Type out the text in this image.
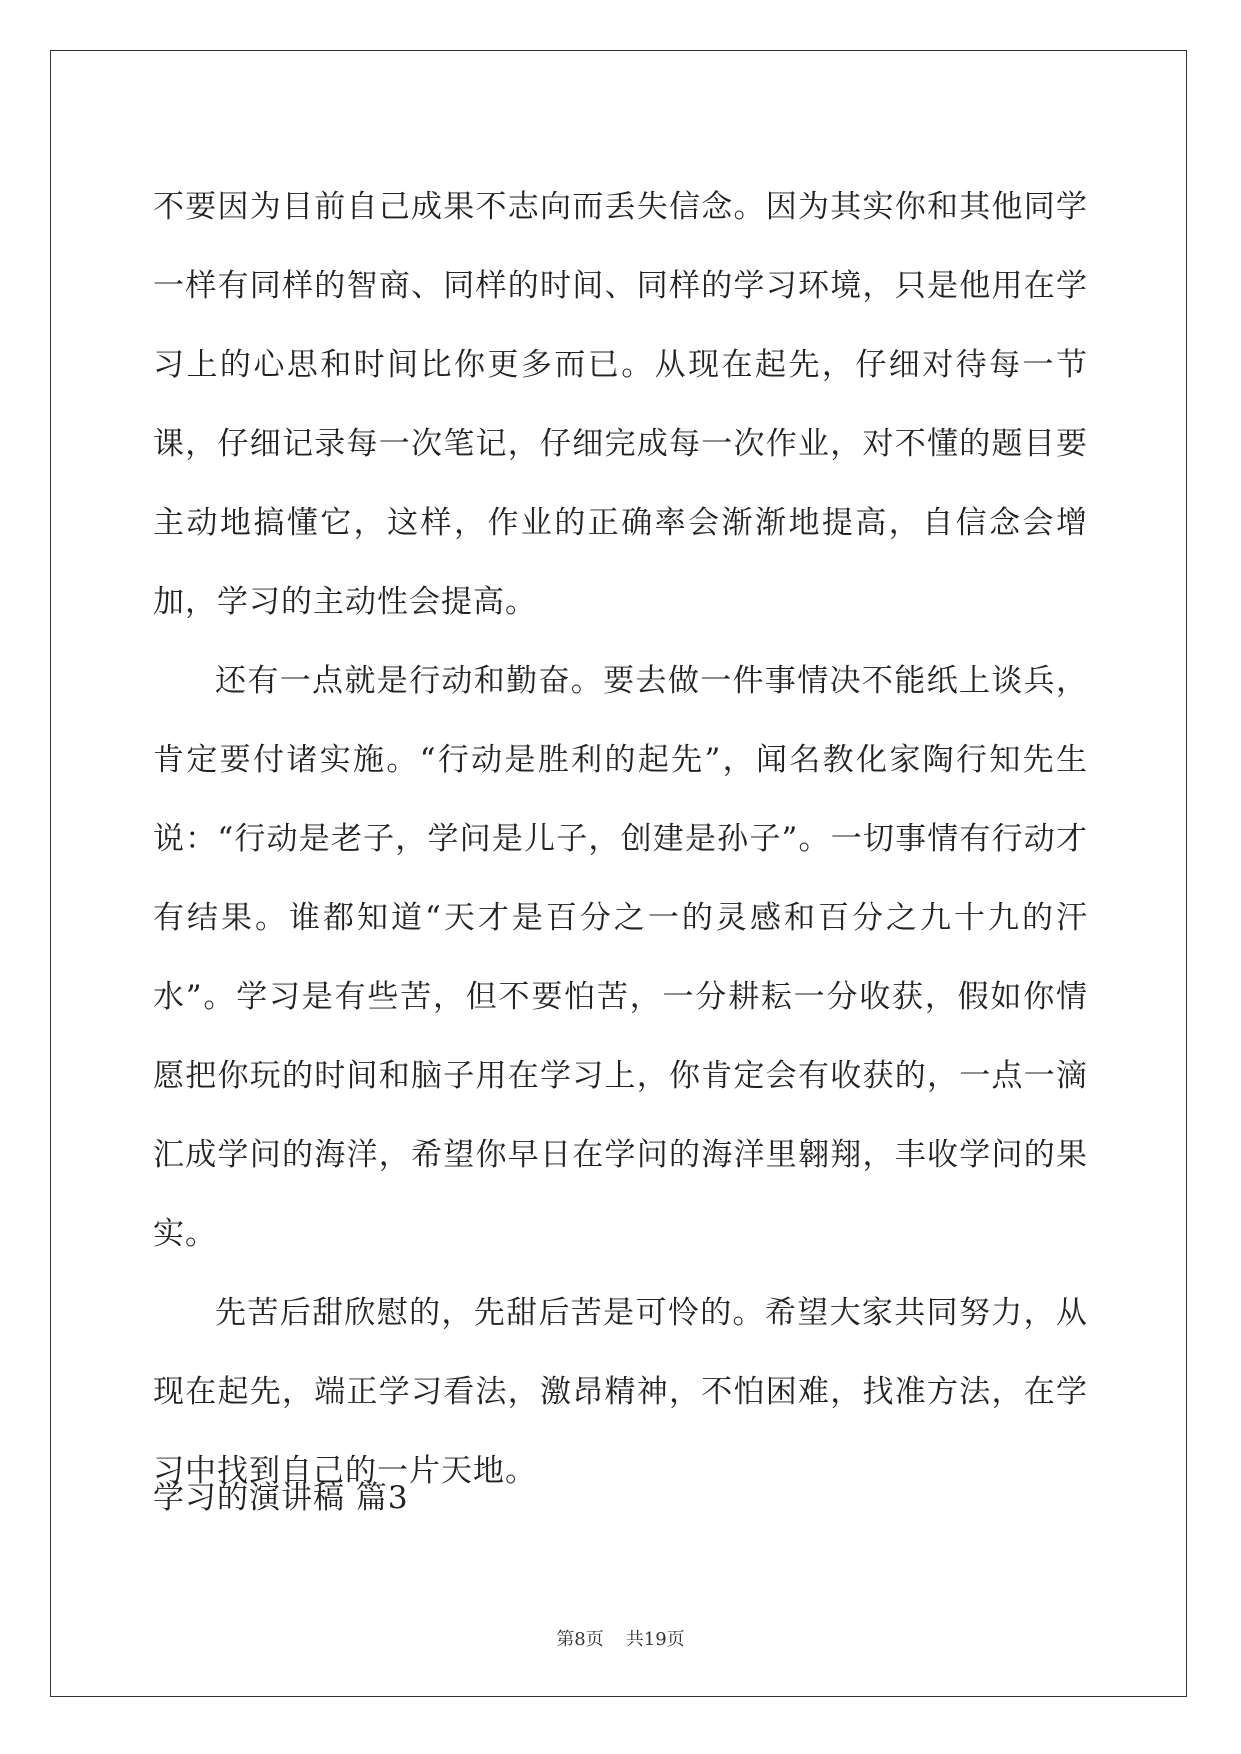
不要因为目前自己成果不志向而丢失信念。因为其实你和其他同学一样有同样的智商、同样的时间、同样的学习环境，只是他用在学习上的心思和时间比你更多而已。从现在起先，仔细对待每一节课，仔细记录每一次笔记，仔细完成每一次作业，对不懂的题目要主动地搞懂它，这样，作业的正确率会渐渐地提高，自信念会增加，学习的主动性会提高。

还有一点就是行动和勤奋。要去做一件事情决不能纸上谈兵，肯定要付诸实施。“行动是胜利的起先”，闻名教化家陶行知先生说：“行动是老子，学问是儿子，创建是孙子”。一切事情有行动才有结果。谁都知道“天才是百分之一的灵感和百分之九十九的汗水”。学习是有些苦，但不要怕苦，一分耕耘一分收获，假如你情愿把你玩的时间和脑子用在学习上，你肯定会有收获的，一点一滴汇成学问的海洋，希望你早日在学问的海洋里翱翔，丰收学问的果实。

先苦后甜欣慰的，先甜后苦是可怜的。希望大家共同努力，从现在起先，端正学习看法，激昂精神，不怕困难，找准方法，在学习中找到自己的一片天地。

学习的演讲稿 篇3
第8页 共19页
